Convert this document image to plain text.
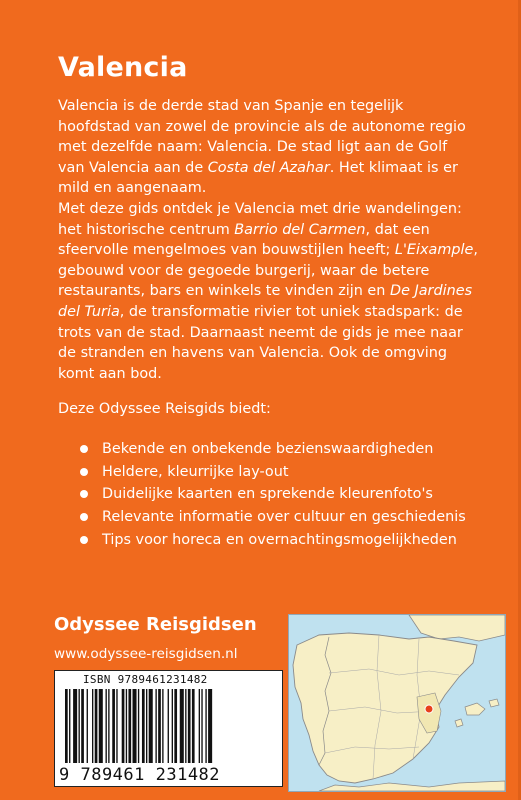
Valencia

Valencia is de derde stad van Spanje en tegelijk hoofdstad van zowel de provincie als de autonome regio met dezelfde naam: Valencia. De stad ligt aan de Golf van Valencia aan de Costa del Azahar. Het klimaat is er mild en aangenaam.

Met deze gids ontdek je Valencia met drie wandelingen: het historische centrum Barrio del Carmen, dat een sfeervolle mengelmoes van bouwstijlen heeft; L'Eixample, gebouwd voor de gegoede burgerij, waar de betere restaurants, bars en winkels te vinden zijn en De Jardines del Turia, de transformatie rivier tot uniek stadspark: de trots van de stad. Daarnaast neemt de gids je mee naar de stranden en havens van Valencia. Ook de omgving komt aan bod.

Deze Odyssee Reisgids biedt:

Bekende en onbekende bezienswaardigheden
Heldere, kleurrijke lay-out
Duidelijke kaarten en sprekende kleurenfoto's
Relevante informatie over cultuur en geschiedenis
Tips voor horeca en overnachtingsmogelijkheden

Odyssee Reisgidsen

www.odyssee-reisgidsen.nl

ISBN 9789461231482

9 789461 231482
